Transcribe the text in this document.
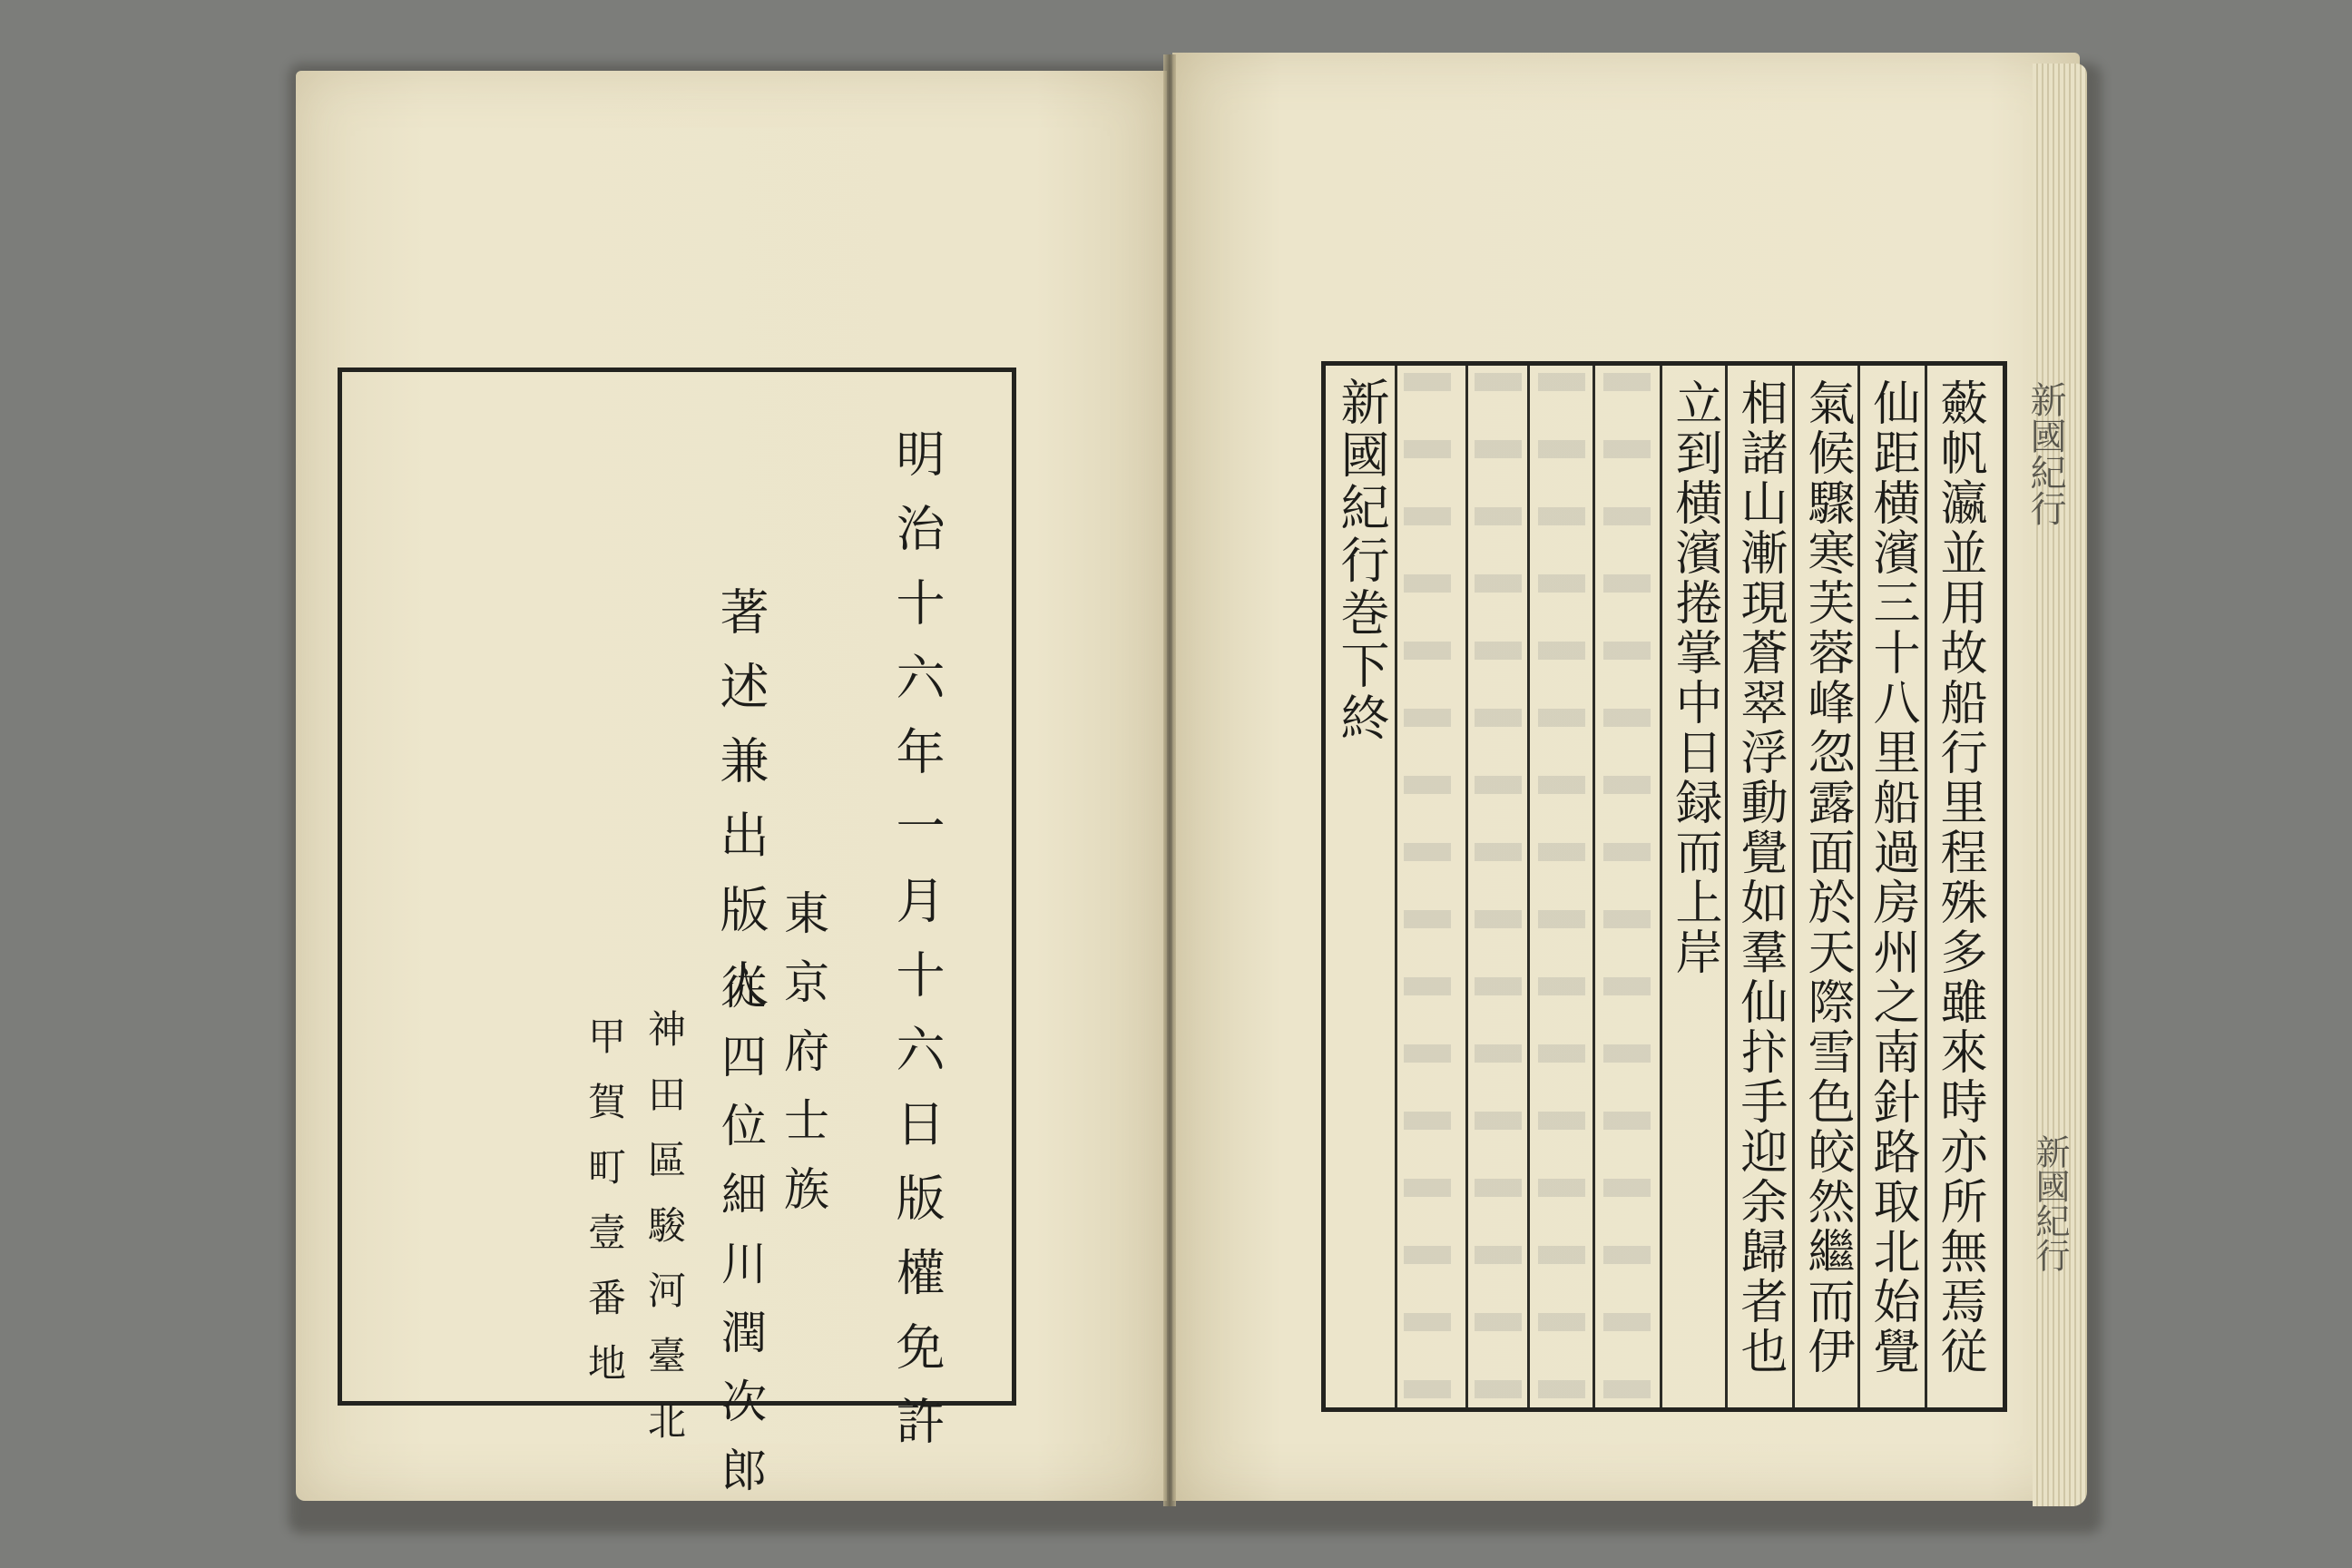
明治十六年一月十六日版權免許
著述兼出版人
東京府士族
従四位細川潤次郎
神田區駿河臺北
甲賀町壹番地	蘞帆瀛並用故船行里程殊多雖來時亦所無焉従
仙距横濱三十八里船過房州之南針路取北始覺
氣候驟寒芙蓉峰忽露面於天際雪色皎然繼而伊
相諸山漸現蒼翠浮動覺如羣仙抃手迎余歸者也
立到横濱捲掌中日録而上岸
新國紀行巻下終	新國紀行
新國紀行
